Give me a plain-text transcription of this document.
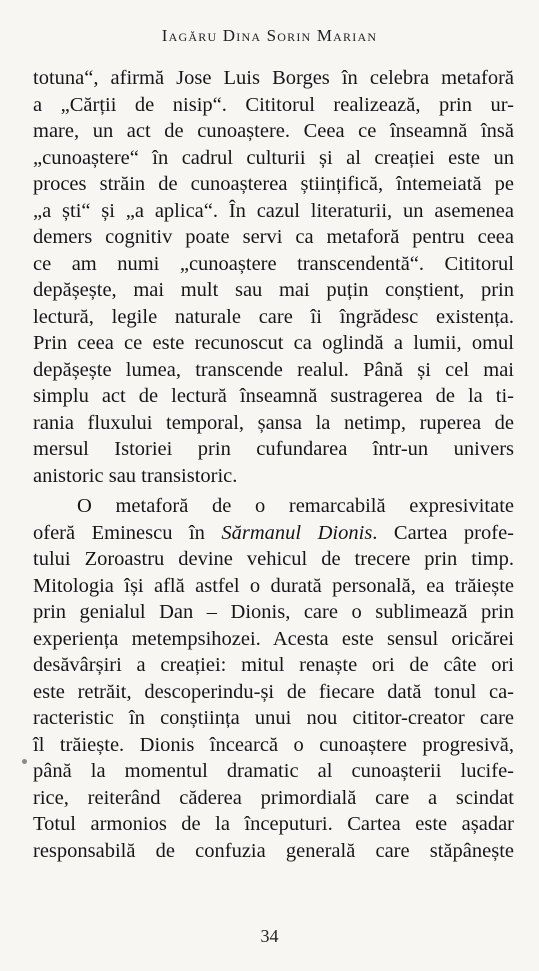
Iagăru Dina Sorin Marian
totuna“, afirmă Jose Luis Borges în celebra metaforă
a „Cărții de nisip“. Cititorul realizează, prin ur-
mare, un act de cunoaștere. Ceea ce înseamnă însă
„cunoaștere“ în cadrul culturii și al creației este un
proces străin de cunoașterea științifică, întemeiată pe
„a ști“ și „a aplica“. În cazul literaturii, un asemenea
demers cognitiv poate servi ca metaforă pentru ceea
ce am numi „cunoaștere transcendentă“. Cititorul
depășește, mai mult sau mai puțin conștient, prin
lectură, legile naturale care îi îngrădesc existența.
Prin ceea ce este recunoscut ca oglindă a lumii, omul
depășește lumea, transcende realul. Până și cel mai
simplu act de lectură înseamnă sustragerea de la ti-
rania fluxului temporal, șansa la netimp, ruperea de
mersul Istoriei prin cufundarea într-un univers
anistoric sau transistoric.
O metaforă de o remarcabilă expresivitate
oferă Eminescu în Sărmanul Dionis. Cartea profe-
tului Zoroastru devine vehicul de trecere prin timp.
Mitologia își află astfel o durată personală, ea trăiește
prin genialul Dan – Dionis, care o sublimează prin
experiența metempsihozei. Acesta este sensul oricărei
desăvârșiri a creației: mitul renaște ori de câte ori
este retrăit, descoperindu-și de fiecare dată tonul ca-
racteristic în conștiința unui nou cititor-creator care
îl trăiește. Dionis încearcă o cunoaștere progresivă,
până la momentul dramatic al cunoașterii lucife-
rice, reiterând căderea primordială care a scindat
Totul armonios de la începuturi. Cartea este așadar
responsabilă de confuzia generală care stăpânește
34
